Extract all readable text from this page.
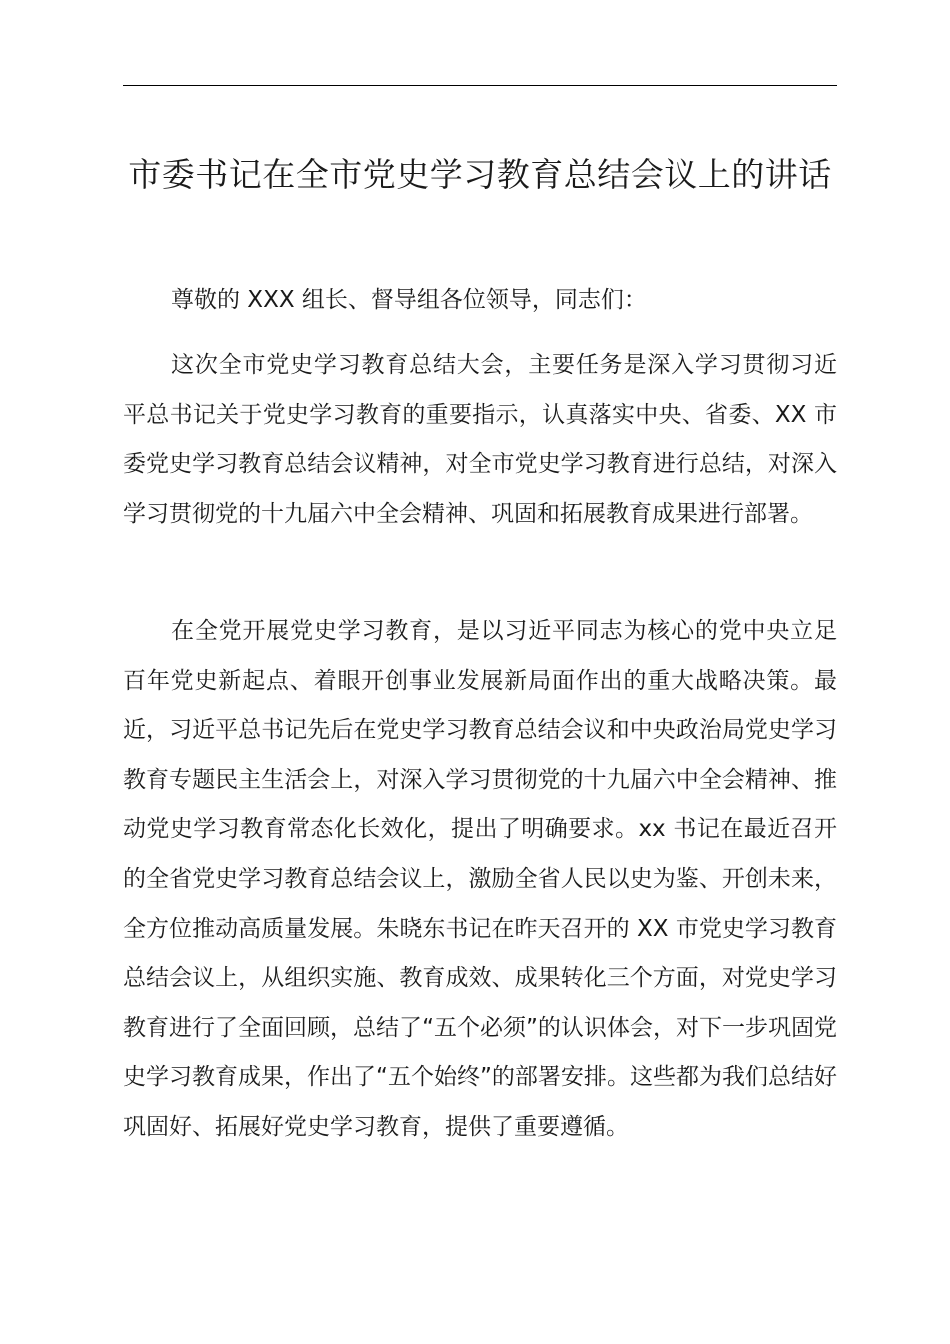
市委书记在全市党史学习教育总结会议上的讲话

尊敬的 XXX 组长、督导组各位领导，同志们：

这次全市党史学习教育总结大会，主要任务是深入学习贯彻习近平总书记关于党史学习教育的重要指示，认真落实中央、省委、XX 市委党史学习教育总结会议精神，对全市党史学习教育进行总结，对深入学习贯彻党的十九届六中全会精神、巩固和拓展教育成果进行部署。

在全党开展党史学习教育，是以习近平同志为核心的党中央立足百年党史新起点、着眼开创事业发展新局面作出的重大战略决策。最近，习近平总书记先后在党史学习教育总结会议和中央政治局党史学习教育专题民主生活会上，对深入学习贯彻党的十九届六中全会精神、推动党史学习教育常态化长效化，提出了明确要求。xx 书记在最近召开的全省党史学习教育总结会议上，激励全省人民以史为鉴、开创未来，全方位推动高质量发展。朱晓东书记在昨天召开的 XX 市党史学习教育总结会议上，从组织实施、教育成效、成果转化三个方面，对党史学习教育进行了全面回顾，总结了“五个必须”的认识体会，对下一步巩固党史学习教育成果，作出了“五个始终”的部署安排。这些都为我们总结好巩固好、拓展好党史学习教育，提供了重要遵循。
